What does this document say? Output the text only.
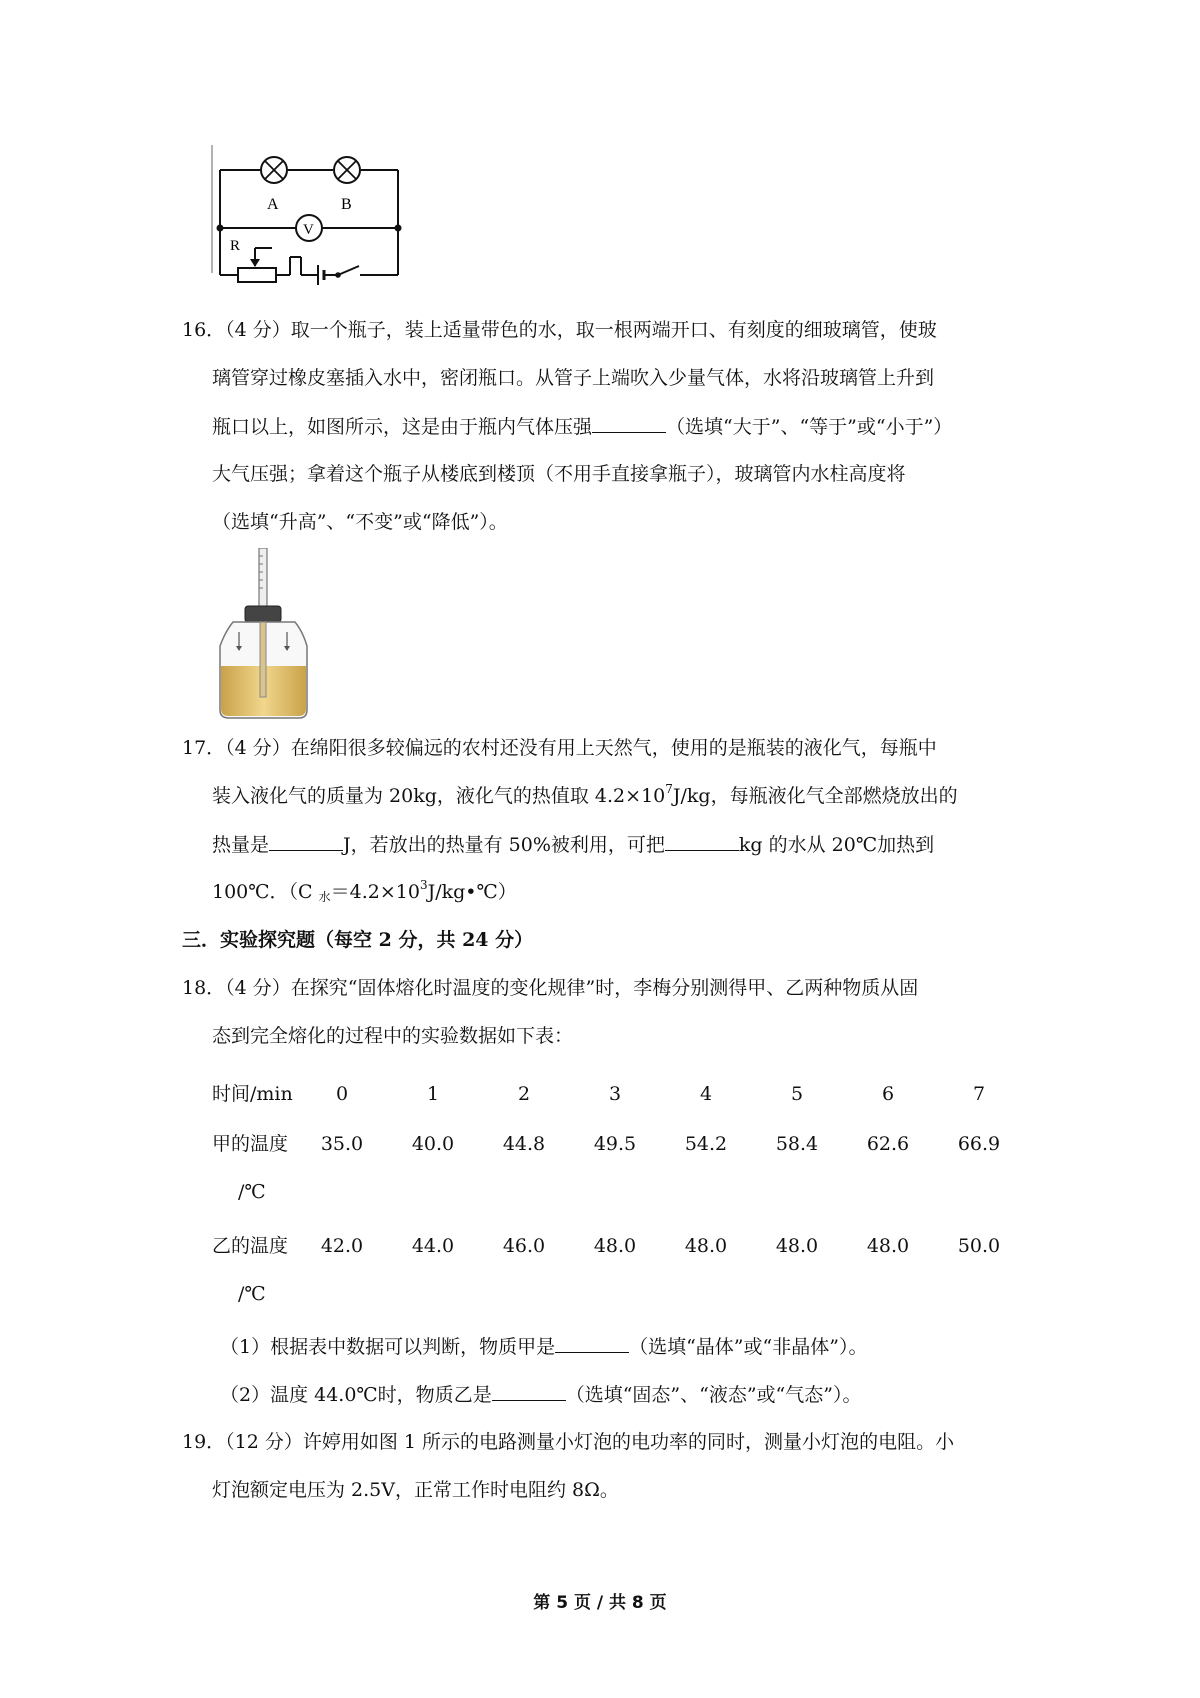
A	B
V
R
16．（4 分）取一个瓶子，装上适量带色的水，取一根两端开口、有刻度的细玻璃管，使玻
璃管穿过橡皮塞插入水中，密闭瓶口。从管子上端吹入少量气体，水将沿玻璃管上升到
瓶口以上，如图所示，这是由于瓶内气体压强	（选填“大于”、“等于”或“小于”）
大气压强；拿着这个瓶子从楼底到楼顶（不用手直接拿瓶子），玻璃管内水柱高度将
（选填“升高”、“不变”或“降低”）。
17．（4 分）在绵阳很多较偏远的农村还没有用上天然气，使用的是瓶装的液化气，每瓶中
装入液化气的质量为 20kg，液化气的热值取 $4.2\times 10^7J/kg$，每瓶液化气全部燃烧放出的
热量是	J，若放出的热量有 50%被利用，可把	kg 的水从 20℃加热到
100℃．（C $_水=4.2\times 10^3J/kg•℃$）
三．实验探究题（每空 2 分，共 24 分）
18．（4 分）在探究“固体熔化时温度的变化规律”时，李梅分别测得甲、乙两种物质从固
态到完全熔化的过程中的实验数据如下表：
时间/min	0	1	2	3	4	5	6	7
甲的温度	35.0	40.0	44.8	49.5	54.2	58.4	62.6	66.9
/℃
乙的温度	42.0	44.0	46.0	48.0	48.0	48.0	48.0	50.0
/℃
（1）根据表中数据可以判断，物质甲是	（选填“晶体”或“非晶体”）。
（2）温度 44.0℃时，物质乙是	（选填“固态”、“液态”或“气态”）。
19．（12 分）许婷用如图 1 所示的电路测量小灯泡的电功率的同时，测量小灯泡的电阻。小
灯泡额定电压为 2.5V，正常工作时电阻约 8Ω。
第 5 页 / 共 8 页
